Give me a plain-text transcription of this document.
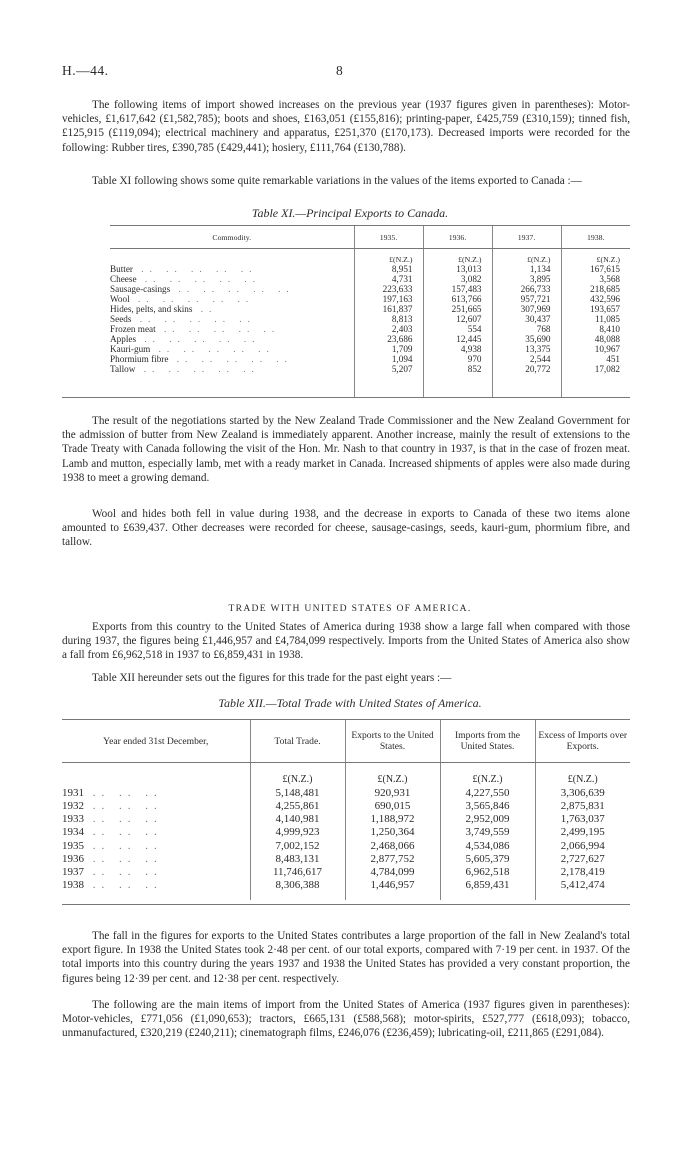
H.—44.	8

The following items of import showed increases on the previous year (1937 figures given in parentheses): Motor-vehicles, £1,617,642 (£1,582,785); boots and shoes, £163,051 (£155,816); printing-paper, £425,759 (£310,159); tinned fish, £125,915 (£119,094); electrical machinery and apparatus, £251,370 (£170,173). Decreased imports were recorded for the following: Rubber tires, £390,785 (£429,441); hosiery, £111,764 (£130,788).

Table XI following shows some quite remarkable variations in the values of the items exported to Canada :—

Table XI.—Principal Exports to Canada.
Commodity.	1935.	1936.	1937.	1938.
	£(N.Z.)	£(N.Z.)	£(N.Z.)	£(N.Z.)
Butter .. .. .. .. ..	8,951	13,013	1,134	167,615
Cheese .. .. .. .. ..	4,731	3,082	3,895	3,568
Sausage-casings .. .. .. .. ..	223,633	157,483	266,733	218,685
Wool .. .. .. .. ..	197,163	613,766	957,721	432,596
Hides, pelts, and skins ..	161,837	251,665	307,969	193,657
Seeds .. .. .. .. ..	8,813	12,607	30,437	11,085
Frozen meat .. .. .. .. ..	2,403	554	768	8,410
Apples .. .. .. .. ..	23,686	12,445	35,690	48,088
Kauri-gum .. .. .. .. ..	1,709	4,938	13,375	10,967
Phormium fibre .. .. .. .. ..	1,094	970	2,544	451
Tallow .. .. .. .. ..	5,207	852	20,772	17,082

The result of the negotiations started by the New Zealand Trade Commissioner and the New Zealand Government for the admission of butter from New Zealand is immediately apparent. Another increase, mainly the result of extensions to the Trade Treaty with Canada following the visit of the Hon. Mr. Nash to that country in 1937, is that in the case of frozen meat. Lamb and mutton, especially lamb, met with a ready market in Canada. Increased shipments of apples were also made during 1938 to meet a growing demand.

Wool and hides both fell in value during 1938, and the decrease in exports to Canada of these two items alone amounted to £639,437. Other decreases were recorded for cheese, sausage-casings, seeds, kauri-gum, phormium fibre, and tallow.

TRADE WITH UNITED STATES OF AMERICA.

Exports from this country to the United States of America during 1938 show a large fall when compared with those during 1937, the figures being £1,446,957 and £4,784,099 respectively. Imports from the United States of America also show a fall from £6,962,518 in 1937 to £6,859,431 in 1938.

Table XII hereunder sets out the figures for this trade for the past eight years :—

Table XII.—Total Trade with United States of America.
Year ended 31st December,	Total Trade.	Exports to the United States.	Imports from the United States.	Excess of Imports over Exports.
	£(N.Z.)	£(N.Z.)	£(N.Z.)	£(N.Z.)
1931 .. .. ..	5,148,481	920,931	4,227,550	3,306,639
1932 .. .. ..	4,255,861	690,015	3,565,846	2,875,831
1933 .. .. ..	4,140,981	1,188,972	2,952,009	1,763,037
1934 .. .. ..	4,999,923	1,250,364	3,749,559	2,499,195
1935 .. .. ..	7,002,152	2,468,066	4,534,086	2,066,994
1936 .. .. ..	8,483,131	2,877,752	5,605,379	2,727,627
1937 .. .. ..	11,746,617	4,784,099	6,962,518	2,178,419
1938 .. .. ..	8,306,388	1,446,957	6,859,431	5,412,474

The fall in the figures for exports to the United States contributes a large proportion of the fall in New Zealand's total export figure. In 1938 the United States took 2·48 per cent. of our total exports, compared with 7·19 per cent. in 1937. Of the total imports into this country during the years 1937 and 1938 the United States has provided a very constant proportion, the figures being 12·39 per cent. and 12·38 per cent. respectively.

The following are the main items of import from the United States of America (1937 figures given in parentheses): Motor-vehicles, £771,056 (£1,090,653); tractors, £665,131 (£588,568); motor-spirits, £527,777 (£618,093); tobacco, unmanufactured, £320,219 (£240,211); cinematograph films, £246,076 (£236,459); lubricating-oil, £211,865 (£291,084).
